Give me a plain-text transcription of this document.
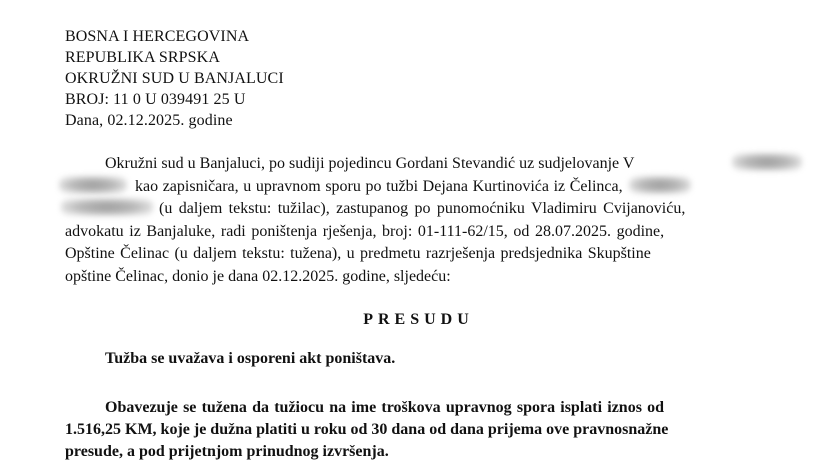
BOSNA I HERCEGOVINA
REPUBLIKA SRPSKA
OKRUŽNI SUD U BANJALUCI
BROJ: 11 0 U 039491 25 U
Dana, 02.12.2025. godine
Okružni sud u Banjaluci, po sudiji pojedincu Gordani Stevandić uz sudjelovanje V
kao zapisničara, u upravnom sporu po tužbi Dejana Kurtinovića iz Čelinca,
(u daljem tekstu: tužilac), zastupanog po punomoćniku Vladimiru Cvijanoviću,
advokatu iz Banjaluke, radi poništenja rješenja, broj: 01-111-62/15, od 28.07.2025. godine,
Opštine Čelinac (u daljem tekstu: tužena), u predmetu razrješenja predsjednika Skupštine
opštine Čelinac, donio je dana 02.12.2025. godine, sljedeću:
PRESUDU
Tužba se uvažava i osporeni akt poništava.
Obavezuje se tužena da tužiocu na ime troškova upravnog spora isplati iznos od
1.516,25 KM, koje je dužna platiti u roku od 30 dana od dana prijema ove pravnosnažne
presude, a pod prijetnjom prinudnog izvršenja.
